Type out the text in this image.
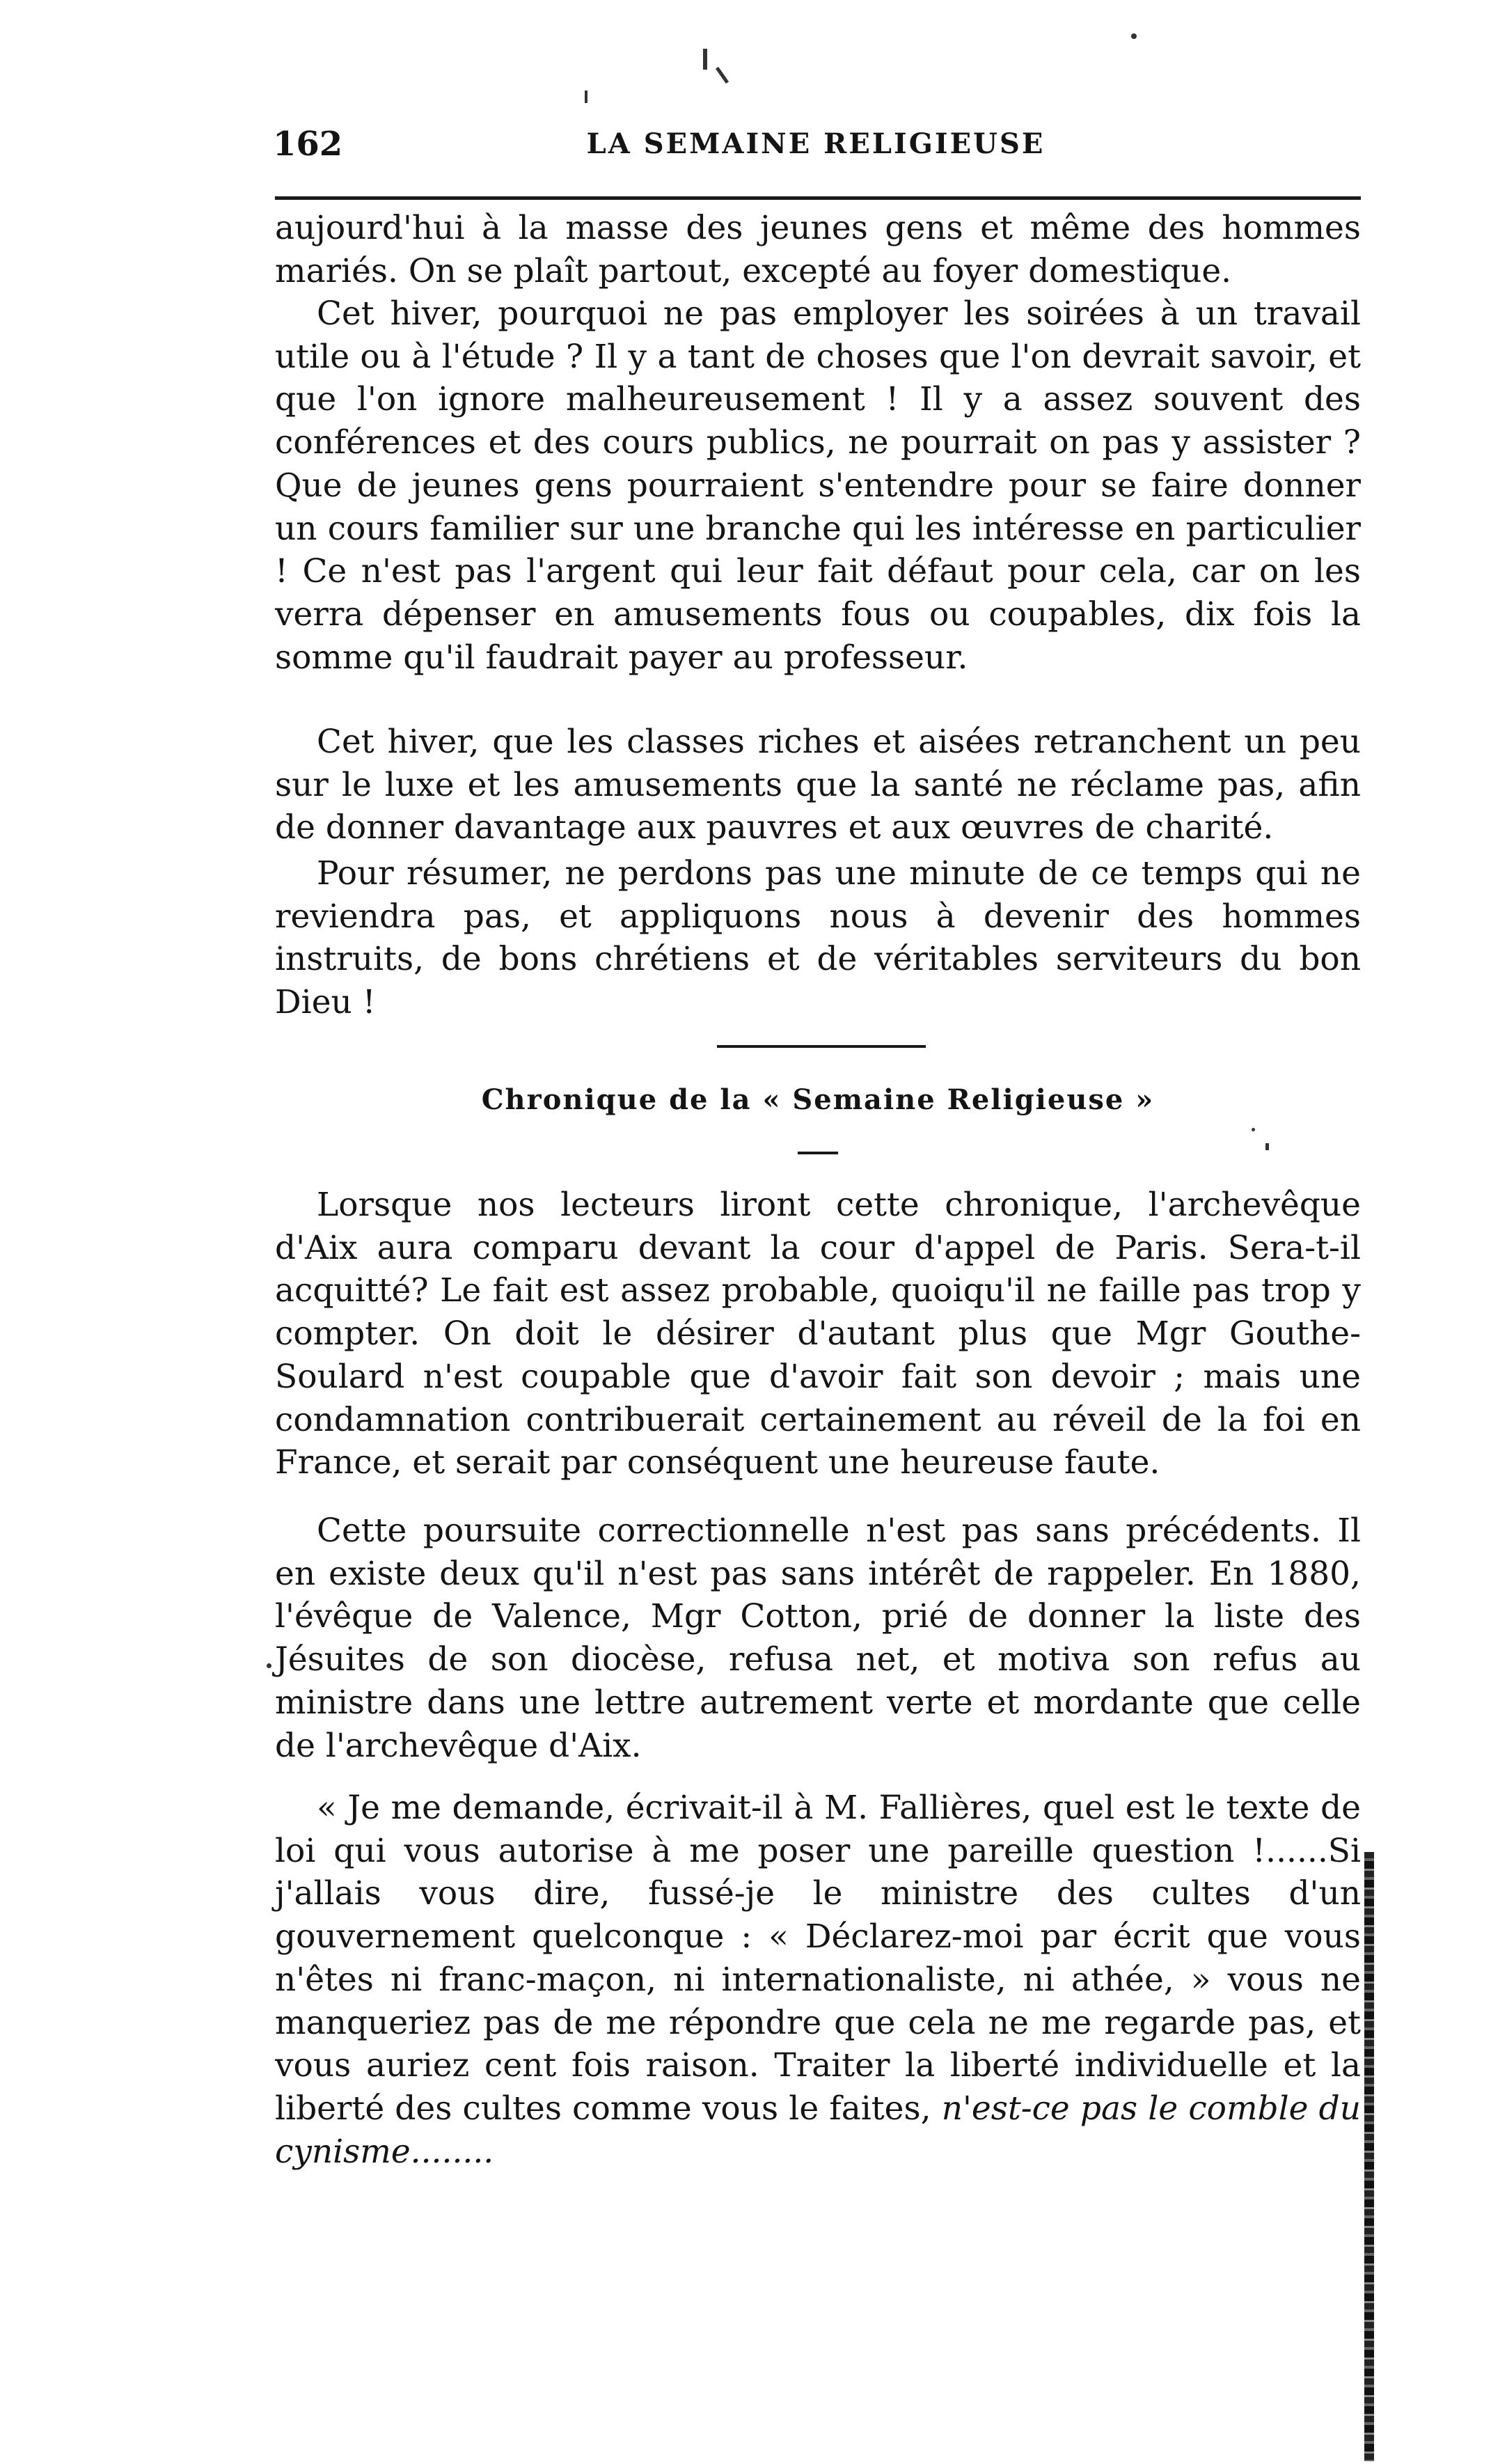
162	LA SEMAINE RELIGIEUSE

aujourd'hui à la masse des jeunes gens et même des hommes mariés. On se plaît partout, excepté au foyer domestique.

Cet hiver, pourquoi ne pas employer les soirées à un travail utile ou à l'étude ? Il y a tant de choses que l'on devrait savoir, et que l'on ignore malheureusement ! Il y a assez souvent des conférences et des cours publics, ne pourrait on pas y assister ? Que de jeunes gens pourraient s'entendre pour se faire donner un cours familier sur une branche qui les intéresse en particulier ! Ce n'est pas l'argent qui leur fait défaut pour cela, car on les verra dépenser en amusements fous ou coupables, dix fois la somme qu'il faudrait payer au professeur.

Cet hiver, que les classes riches et aisées retranchent un peu sur le luxe et les amusements que la santé ne réclame pas, afin de donner davantage aux pauvres et aux œuvres de charité.

Pour résumer, ne perdons pas une minute de ce temps qui ne reviendra pas, et appliquons nous à devenir des hommes instruits, de bons chrétiens et de véritables serviteurs du bon Dieu !

Chronique de la « Semaine Religieuse »

Lorsque nos lecteurs liront cette chronique, l'archevêque d'Aix aura comparu devant la cour d'appel de Paris. Sera-t-il acquitté? Le fait est assez probable, quoiqu'il ne faille pas trop y compter. On doit le désirer d'autant plus que Mgr Gouthe-Soulard n'est coupable que d'avoir fait son devoir ; mais une condamnation contribuerait certainement au réveil de la foi en France, et serait par conséquent une heureuse faute.

Cette poursuite correctionnelle n'est pas sans précédents. Il en existe deux qu'il n'est pas sans intérêt de rappeler. En 1880, l'évêque de Valence, Mgr Cotton, prié de donner la liste des Jésuites de son diocèse, refusa net, et motiva son refus au ministre dans une lettre autrement verte et mordante que celle de l'archevêque d'Aix.

« Je me demande, écrivait-il à M. Fallières, quel est le texte de loi qui vous autorise à me poser une pareille question !......Si j'allais vous dire, fussé-je le ministre des cultes d'un gouvernement quelconque : « Déclarez-moi par écrit que vous n'êtes ni franc-maçon, ni internationaliste, ni athée, » vous ne manqueriez pas de me répondre que cela ne me regarde pas, et vous auriez cent fois raison. Traiter la liberté individuelle et la liberté des cultes comme vous le faites, n'est-ce pas le comble du cynisme........
